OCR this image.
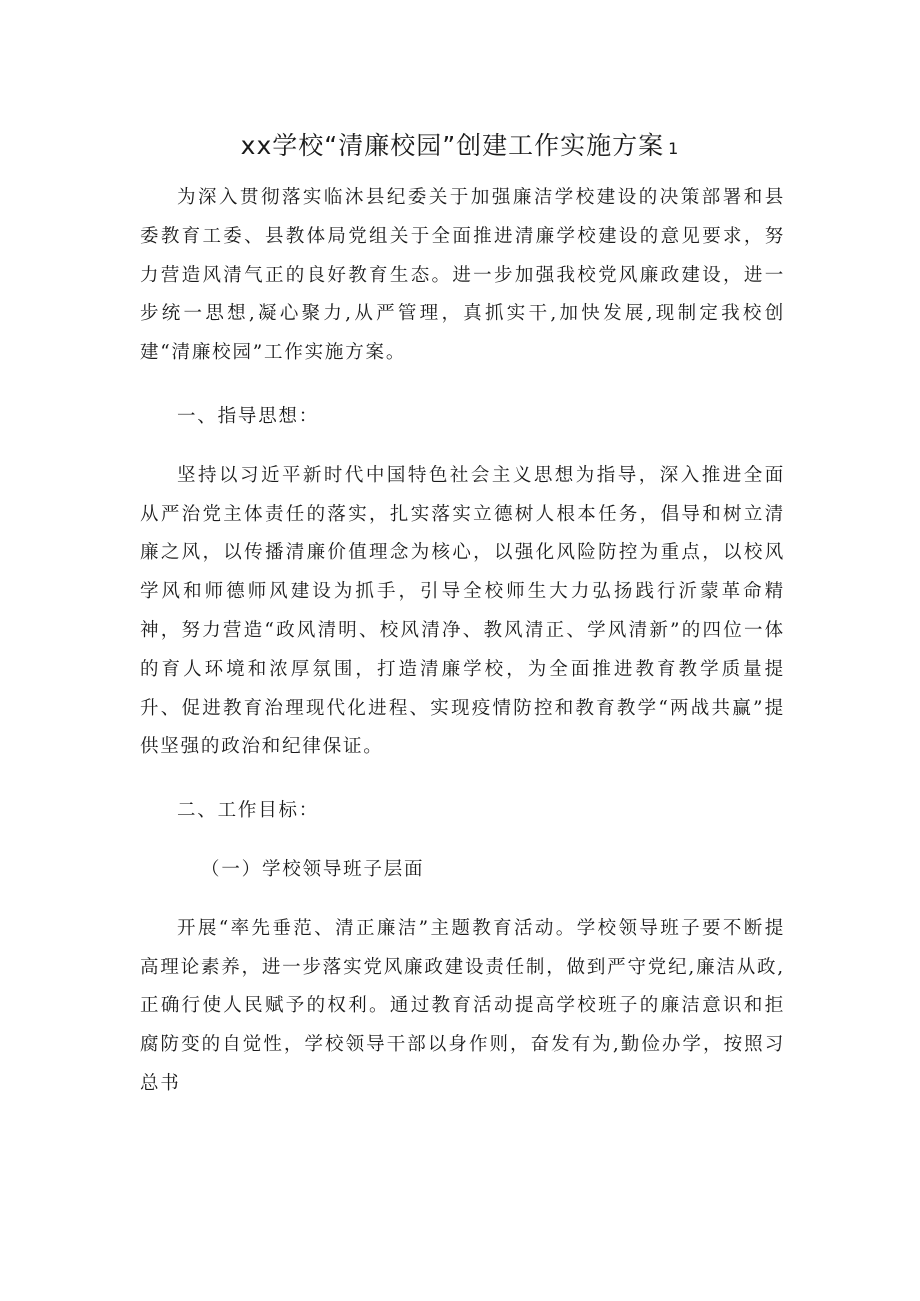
xx学校“清廉校园”创建工作实施方案 1

为深入贯彻落实临沐县纪委关于加强廉洁学校建设的决策部署和县委教育工委、县教体局党组关于全面推进清廉学校建设的意见要求，努力营造风清气正的良好教育生态。进一步加强我校党风廉政建设，进一步统一思想,凝心聚力,从严管理，真抓实干,加快发展,现制定我校创建“清廉校园”工作实施方案。

一、指导思想：

坚持以习近平新时代中国特色社会主义思想为指导，深入推进全面从严治党主体责任的落实，扎实落实立德树人根本任务，倡导和树立清廉之风，以传播清廉价值理念为核心，以强化风险防控为重点，以校风学风和师德师风建设为抓手，引导全校师生大力弘扬践行沂蒙革命精神，努力营造“政风清明、校风清净、教风清正、学风清新”的四位一体的育人环境和浓厚氛围，打造清廉学校，为全面推进教育教学质量提升、促进教育治理现代化进程、实现疫情防控和教育教学“两战共赢”提供坚强的政治和纪律保证。

二、工作目标：

（一）学校领导班子层面

开展“率先垂范、清正廉洁”主题教育活动。学校领导班子要不断提高理论素养，进一步落实党风廉政建设责任制，做到严守党纪,廉洁从政,正确行使人民赋予的权利。通过教育活动提高学校班子的廉洁意识和拒腐防变的自觉性，学校领导干部以身作则，奋发有为,勤俭办学，按照习总书
